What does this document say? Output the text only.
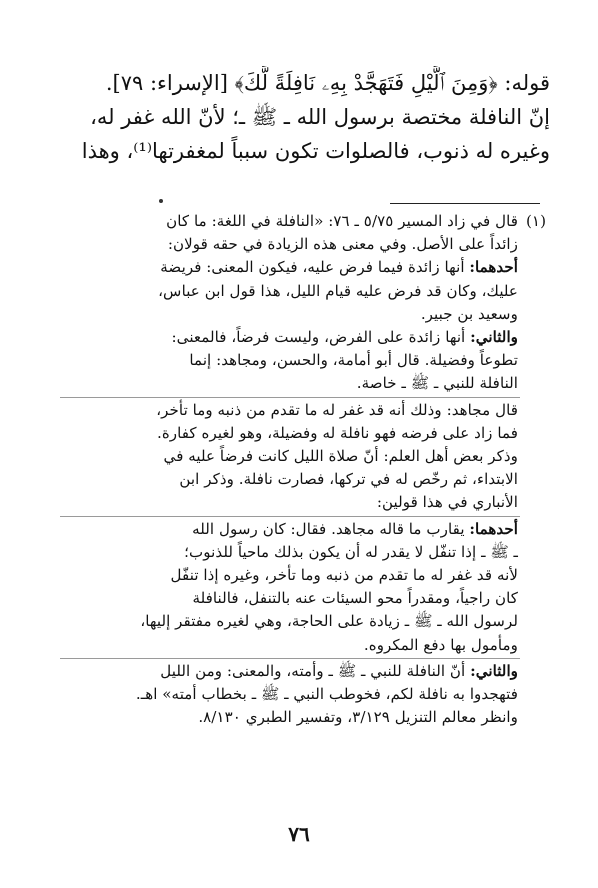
قوله: ﴿وَمِنَ ٱلَّيْلِ فَتَهَجَّدْ بِهِۦ نَافِلَةً لَّكَ﴾ [الإسراء: ٧٩].
إنّ النافلة مختصة برسول الله ـ ﷺ ـ؛ لأنّ الله غفر له،
وغيره له ذنوب، فالصلوات تكون سبباً لمغفرتها⁽¹⁾، وهذا
(١)قال في زاد المسير ٥/٧٥ ـ ٧٦: «النافلة في اللغة: ما كان
زائداً على الأصل. وفي معنى هذه الزيادة في حقه قولان:
أحدهما: أنها زائدة فيما فرض عليه، فيكون المعنى: فريضة
عليك، وكان قد فرض عليه قيام الليل، هذا قول ابن عباس،
وسعيد بن جبير.
والثاني: أنها زائدة على الفرض، وليست فرضاً، فالمعنى:
تطوعاً وفضيلة. قال أبو أمامة، والحسن، ومجاهد: إنما
النافلة للنبي ـ ﷺ ـ خاصة.
قال مجاهد: وذلك أنه قد غفر له ما تقدم من ذنبه وما تأخر،
فما زاد على فرضه فهو نافلة له وفضيلة، وهو لغيره كفارة.
وذكر بعض أهل العلم: أنّ صلاة الليل كانت فرضاً عليه في
الابتداء، ثم رخّص له في تركها، فصارت نافلة. وذكر ابن
الأنباري في هذا قولين:
أحدهما: يقارب ما قاله مجاهد. فقال: كان رسول الله
ـ ﷺ ـ إذا تنفّل لا يقدر له أن يكون بذلك ماحياً للذنوب؛
لأنه قد غفر له ما تقدم من ذنبه وما تأخر، وغيره إذا تنفّل
كان راجياً، ومقدراً محو السيئات عنه بالتنفل، فالنافلة
لرسول الله ـ ﷺ ـ زيادة على الحاجة، وهي لغيره مفتقر إليها،
ومأمول بها دفع المكروه.
والثاني: أنّ النافلة للنبي ـ ﷺ ـ وأمته، والمعنى: ومن الليل
فتهجدوا به نافلة لكم، فخوطب النبي ـ ﷺ ـ بخطاب أمته» اهـ.
وانظر معالم التنزيل ٣/١٢٩، وتفسير الطبري ٨/١٣٠.
٧٦
